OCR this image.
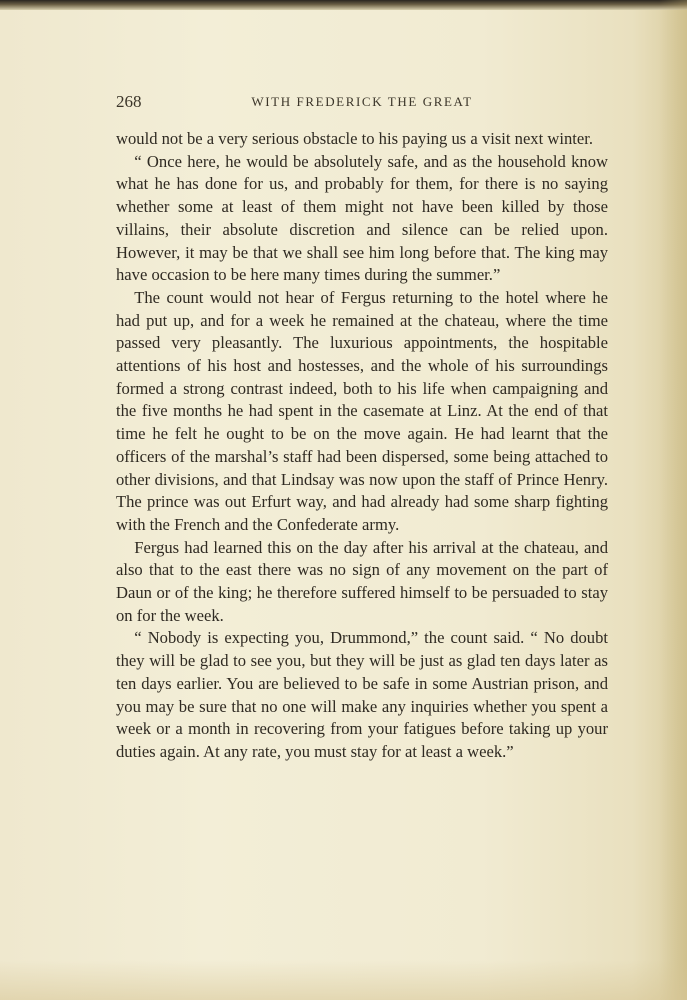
268	WITH FREDERICK THE GREAT

would not be a very serious obstacle to his paying us a visit next winter.

“ Once here, he would be absolutely safe, and as the household know what he has done for us, and probably for them, for there is no saying whether some at least of them might not have been killed by those villains, their absolute discretion and silence can be relied upon. However, it may be that we shall see him long before that. The king may have occasion to be here many times during the summer.”

The count would not hear of Fergus returning to the hotel where he had put up, and for a week he remained at the chateau, where the time passed very pleasantly. The luxurious appointments, the hospitable attentions of his host and hostesses, and the whole of his surroundings formed a strong contrast indeed, both to his life when campaigning and the five months he had spent in the casemate at Linz. At the end of that time he felt he ought to be on the move again. He had learnt that the officers of the marshal’s staff had been dispersed, some being attached to other divisions, and that Lindsay was now upon the staff of Prince Henry. The prince was out Erfurt way, and had already had some sharp fighting with the French and the Confederate army.

Fergus had learned this on the day after his arrival at the chateau, and also that to the east there was no sign of any movement on the part of Daun or of the king; he therefore suffered himself to be persuaded to stay on for the week.

“ Nobody is expecting you, Drummond,” the count said. “ No doubt they will be glad to see you, but they will be just as glad ten days later as ten days earlier. You are believed to be safe in some Austrian prison, and you may be sure that no one will make any inquiries whether you spent a week or a month in recovering from your fatigues before taking up your duties again. At any rate, you must stay for at least a week.”
